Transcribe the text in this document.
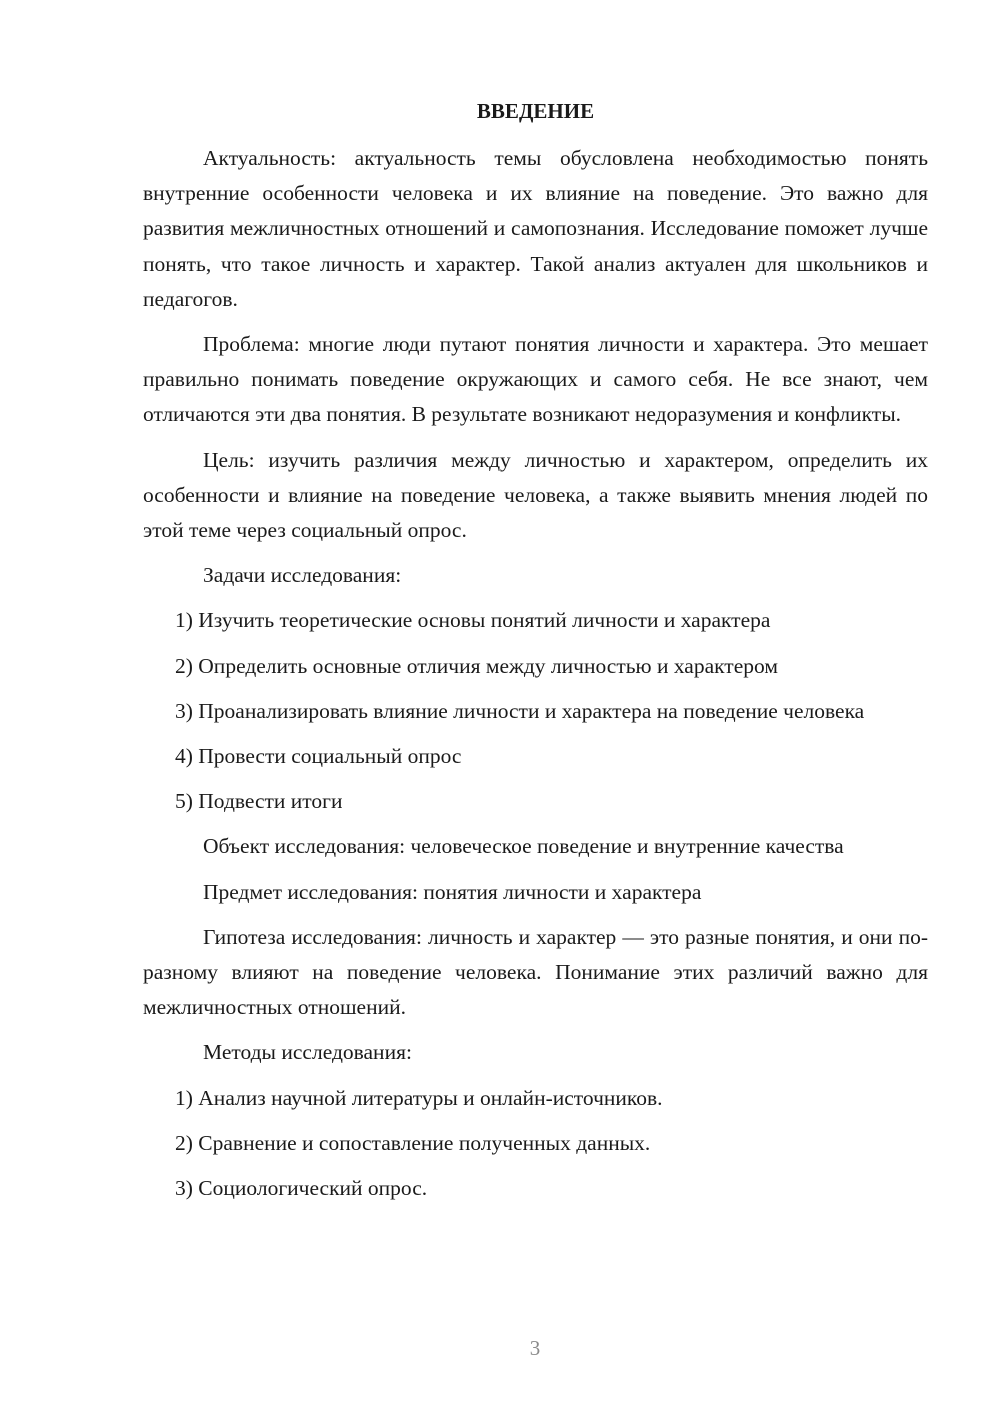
ВВЕДЕНИЕ

Актуальность: актуальность темы обусловлена необходимостью понять внутренние особенности человека и их влияние на поведение. Это важно для развития межличностных отношений и самопознания. Исследование поможет лучше понять, что такое личность и характер. Такой анализ актуален для школьников и педагогов.

Проблема: многие люди путают понятия личности и характера. Это мешает правильно понимать поведение окружающих и самого себя. Не все знают, чем отличаются эти два понятия. В результате возникают недоразумения и конфликты.

Цель: изучить различия между личностью и характером, определить их особенности и влияние на поведение человека, а также выявить мнения людей по этой теме через социальный опрос.

Задачи исследования:

1) Изучить теоретические основы понятий личности и характера
2) Определить основные отличия между личностью и характером
3) Проанализировать влияние личности и характера на поведение человека
4) Провести социальный опрос
5) Подвести итоги

Объект исследования: человеческое поведение и внутренние качества

Предмет исследования: понятия личности и характера

Гипотеза исследования: личность и характер — это разные понятия, и они по-разному влияют на поведение человека. Понимание этих различий важно для межличностных отношений.

Методы исследования:

1) Анализ научной литературы и онлайн-источников.
2) Сравнение и сопоставление полученных данных.
3) Социологический опрос.
3
